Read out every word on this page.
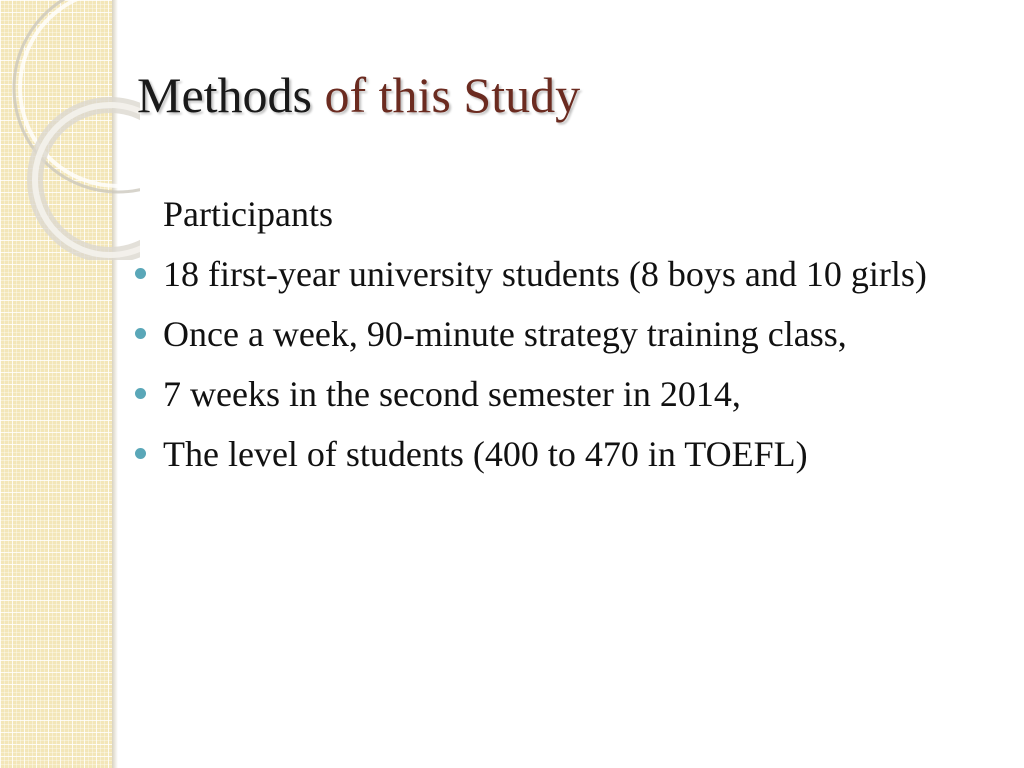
Methods of this Study
Participants
18 first-year university students (8 boys and 10 girls)
Once a week, 90-minute strategy training class,
7 weeks in the second semester in 2014,
The level of students (400 to 470 in TOEFL)
